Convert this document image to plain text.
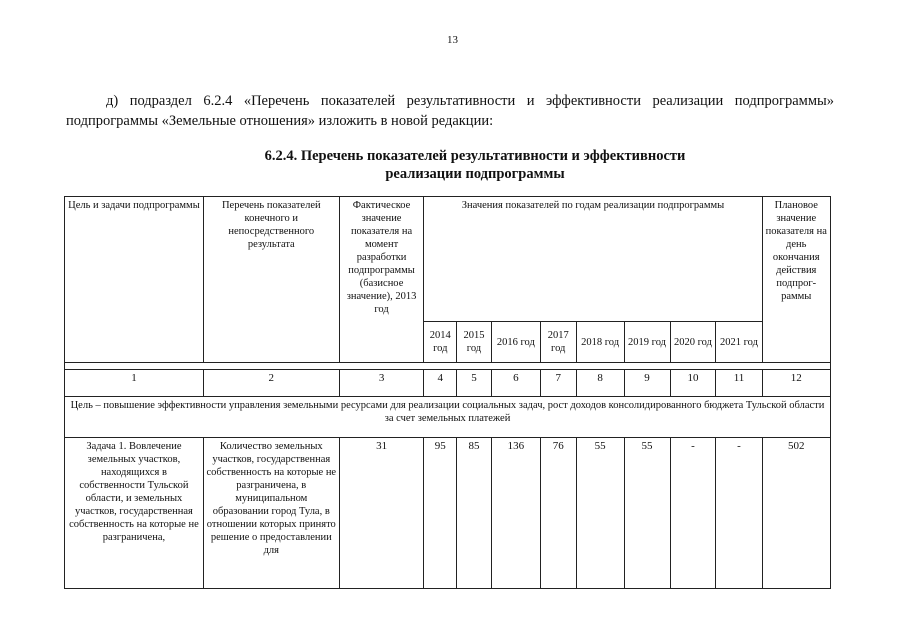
13
д) подраздел 6.2.4 «Перечень показателей результативности и эффективности реализации подпрограммы»
подпрограммы «Земельные отношения» изложить в новой редакции:
6.2.4. Перечень показателей результативности и эффективности
реализации подпрограммы
Цель и задачи подпрограммы	Перечень показателей конечного и непосредственного результата	Фактическое значение показателя на момент разработки подпрограммы (базисное значение), 2013 год	Значения показателей по годам реализации подпрограммы								Плановое значение показателя на день окончания действия подпрог- раммы
			2014 год	2015 год	2016 год	2017 год	2018 год	2019 год	2020 год	2021 год	

1	2	3	4	5	6	7	8	9	10	11	12
Цель – повышение эффективности управления земельными ресурсами для реализации социальных задач, рост доходов консолидированного бюджета Тульской области за счет земельных платежей											
Задача 1. Вовлечение земельных участков, находящихся в собственности Тульской области, и земельных участков, государственная собственность на которые не разграничена,	Количество земельных участков, государственная собственность на которые не разграничена, в муниципальном образовании город Тула, в отношении которых принято решение о предоставлении для	31	95	85	136	76	55	55	-	-	502
